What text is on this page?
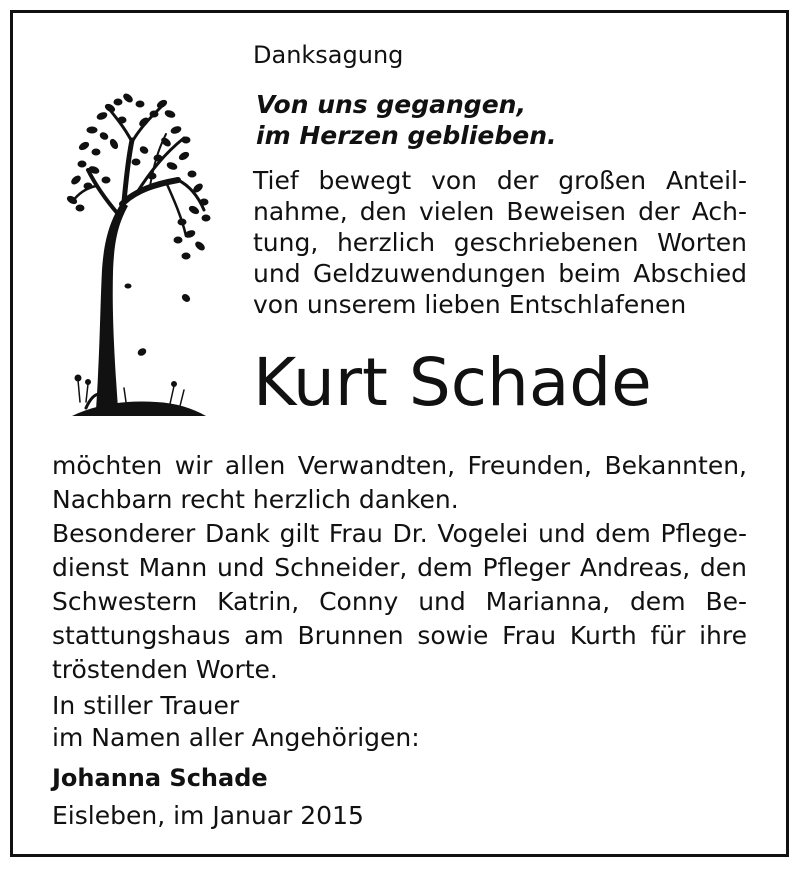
Danksagung
Von uns gegangen,
im Herzen geblieben.
Tief bewegt von der großen Anteil-
nahme, den vielen Beweisen der Ach-
tung, herzlich geschriebenen Worten
und Geldzuwendungen beim Abschied
von unserem lieben Entschlafenen
Kurt Schade
möchten wir allen Verwandten, Freunden, Bekannten,
Nachbarn recht herzlich danken.
Besonderer Dank gilt Frau Dr. Vogelei und dem Pflege-
dienst Mann und Schneider, dem Pfleger Andreas, den
Schwestern Katrin, Conny und Marianna, dem Be-
stattungshaus am Brunnen sowie Frau Kurth für ihre
tröstenden Worte.
In stiller Trauer
im Namen aller Angehörigen:
Johanna Schade
Eisleben, im Januar 2015
